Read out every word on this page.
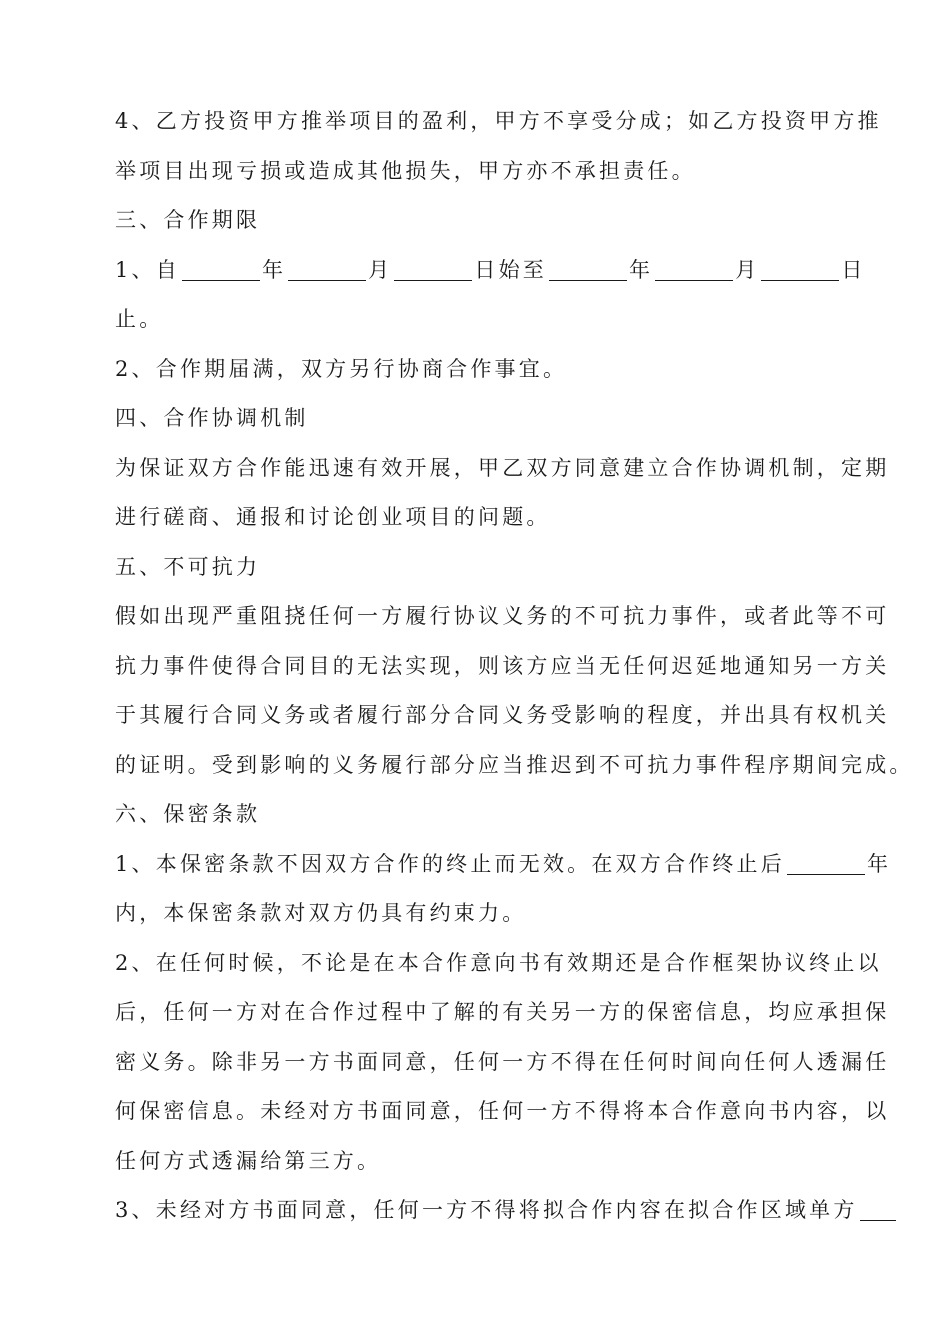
4、乙方投资甲方推举项目的盈利，甲方不享受分成；如乙方投资甲方推
举项目出现亏损或造成其他损失，甲方亦不承担责任。
三、合作期限
1、自	年	月	日始至	年	月	日
止。
2、合作期届满，双方另行协商合作事宜。
四、合作协调机制
为保证双方合作能迅速有效开展，甲乙双方同意建立合作协调机制，定期
进行磋商、通报和讨论创业项目的问题。
五、不可抗力
假如出现严重阻挠任何一方履行协议义务的不可抗力事件，或者此等不可
抗力事件使得合同目的无法实现，则该方应当无任何迟延地通知另一方关
于其履行合同义务或者履行部分合同义务受影响的程度，并出具有权机关
的证明。受到影响的义务履行部分应当推迟到不可抗力事件程序期间完成。
六、保密条款
1、本保密条款不因双方合作的终止而无效。在双方合作终止后	年
内，本保密条款对双方仍具有约束力。
2、在任何时候，不论是在本合作意向书有效期还是合作框架协议终止以
后，任何一方对在合作过程中了解的有关另一方的保密信息，均应承担保
密义务。除非另一方书面同意，任何一方不得在任何时间向任何人透漏任
何保密信息。未经对方书面同意，任何一方不得将本合作意向书内容，以
任何方式透漏给第三方。
3、未经对方书面同意，任何一方不得将拟合作内容在拟合作区域单方
